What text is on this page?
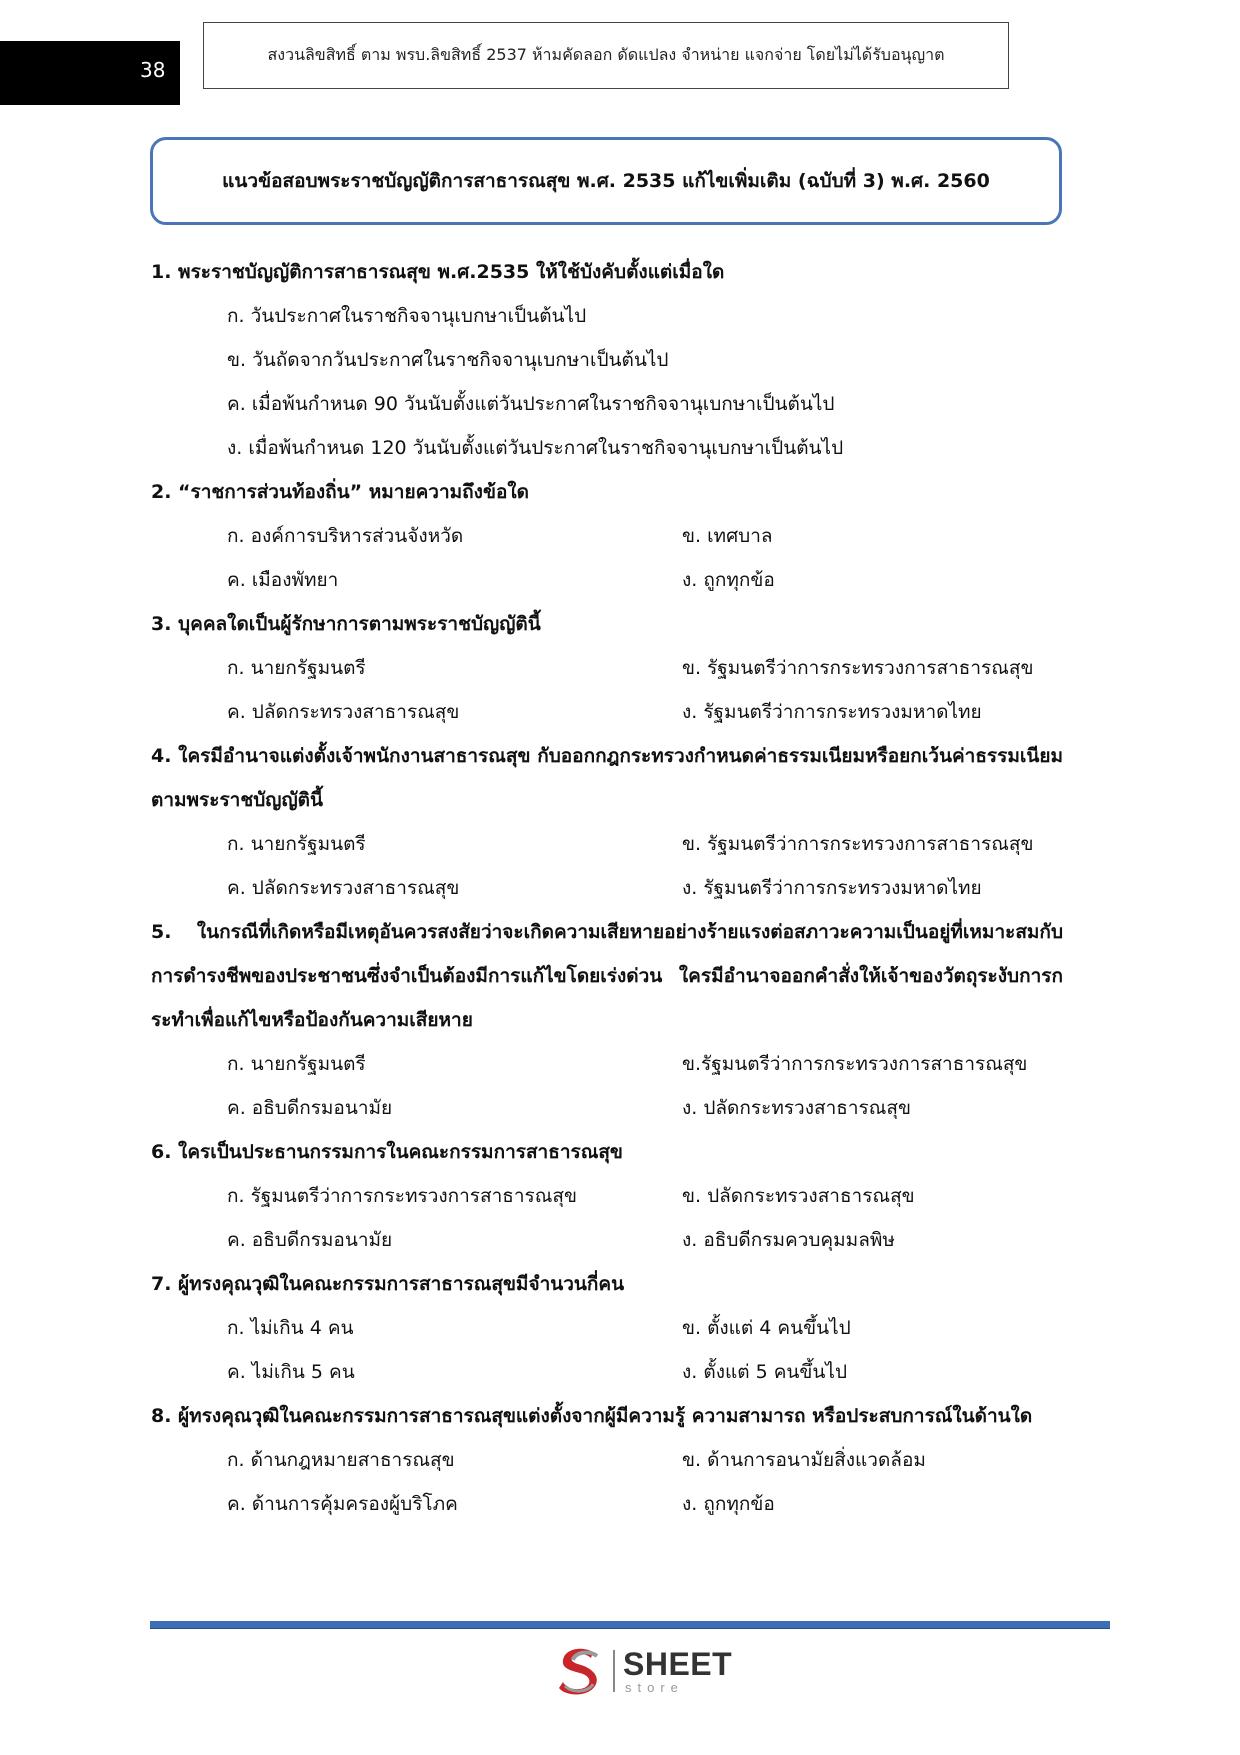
38
สงวนลิขสิทธิ์ ตาม พรบ.ลิขสิทธิ์ 2537 ห้ามคัดลอก ดัดแปลง จำหน่าย แจกจ่าย โดยไม่ได้รับอนุญาต
แนวข้อสอบพระราชบัญญัติการสาธารณสุข พ.ศ. 2535 แก้ไขเพิ่มเติม (ฉบับที่ 3) พ.ศ. 2560
1. พระราชบัญญัติการสาธารณสุข พ.ศ.2535 ให้ใช้บังคับตั้งแต่เมื่อใด
ก. วันประกาศในราชกิจจานุเบกษาเป็นต้นไป
ข. วันถัดจากวันประกาศในราชกิจจานุเบกษาเป็นต้นไป
ค. เมื่อพ้นกำหนด 90 วันนับตั้งแต่วันประกาศในราชกิจจานุเบกษาเป็นต้นไป
ง. เมื่อพ้นกำหนด 120 วันนับตั้งแต่วันประกาศในราชกิจจานุเบกษาเป็นต้นไป
2. “ราชการส่วนท้องถิ่น” หมายความถึงข้อใด
ก. องค์การบริหารส่วนจังหวัด	ข. เทศบาล
ค. เมืองพัทยา	ง. ถูกทุกข้อ
3. บุคคลใดเป็นผู้รักษาการตามพระราชบัญญัตินี้
ก. นายกรัฐมนตรี	ข. รัฐมนตรีว่าการกระทรวงการสาธารณสุข
ค. ปลัดกระทรวงสาธารณสุข	ง. รัฐมนตรีว่าการกระทรวงมหาดไทย
4. ใครมีอำนาจแต่งตั้งเจ้าพนักงานสาธารณสุข กับออกกฎกระทรวงกำหนดค่าธรรมเนียมหรือยกเว้นค่าธรรมเนียม ตามพระราชบัญญัตินี้
ก. นายกรัฐมนตรี	ข. รัฐมนตรีว่าการกระทรวงการสาธารณสุข
ค. ปลัดกระทรวงสาธารณสุข	ง. รัฐมนตรีว่าการกระทรวงมหาดไทย
5. ในกรณีที่เกิดหรือมีเหตุอันควรสงสัยว่าจะเกิดความเสียหายอย่างร้ายแรงต่อสภาวะความเป็นอยู่ที่เหมาะสมกับการดำรงชีพของประชาชนซึ่งจำเป็นต้องมีการแก้ไขโดยเร่งด่วน ใครมีอำนาจออกคำสั่งให้เจ้าของวัตถุระงับการกระทำเพื่อแก้ไขหรือป้องกันความเสียหาย
ก. นายกรัฐมนตรี	ข.รัฐมนตรีว่าการกระทรวงการสาธารณสุข
ค. อธิบดีกรมอนามัย	ง. ปลัดกระทรวงสาธารณสุข
6. ใครเป็นประธานกรรมการในคณะกรรมการสาธารณสุข
ก. รัฐมนตรีว่าการกระทรวงการสาธารณสุข	ข. ปลัดกระทรวงสาธารณสุข
ค. อธิบดีกรมอนามัย	ง. อธิบดีกรมควบคุมมลพิษ
7. ผู้ทรงคุณวุฒิในคณะกรรมการสาธารณสุขมีจำนวนกี่คน
ก. ไม่เกิน 4 คน	ข. ตั้งแต่ 4 คนขึ้นไป
ค. ไม่เกิน 5 คน	ง. ตั้งแต่ 5 คนขึ้นไป
8. ผู้ทรงคุณวุฒิในคณะกรรมการสาธารณสุขแต่งตั้งจากผู้มีความรู้ ความสามารถ หรือประสบการณ์ในด้านใด
ก. ด้านกฎหมายสาธารณสุข	ข. ด้านการอนามัยสิ่งแวดล้อม
ค. ด้านการคุ้มครองผู้บริโภค	ง. ถูกทุกข้อ
SHEET
store
